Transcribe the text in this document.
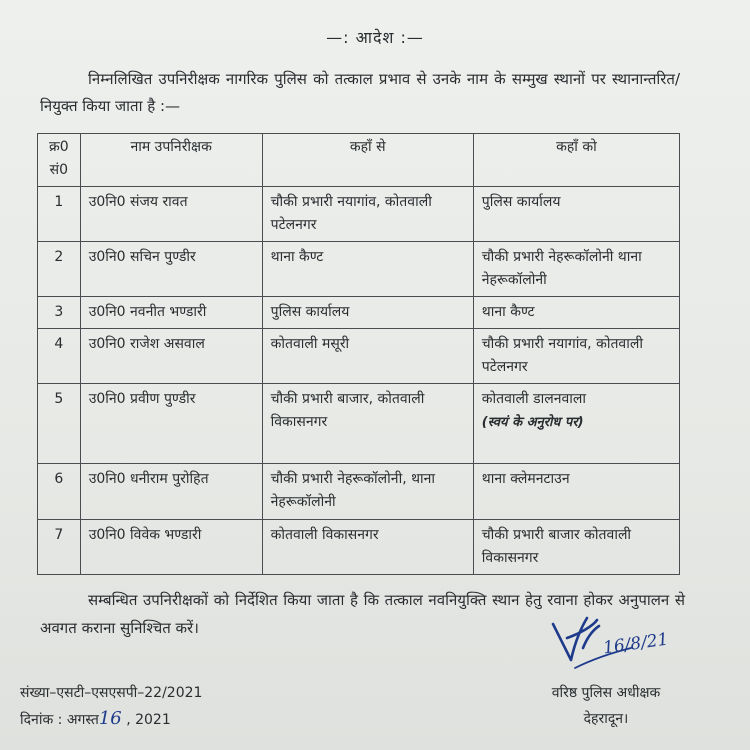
—: आदेश :—
निम्नलिखित उपनिरीक्षक नागरिक पुलिस को तत्काल प्रभाव से उनके नाम के सम्मुख स्थानों पर स्थानान्तरित/नियुक्त किया जाता है :—
क्र0 सं0	नाम उपनिरीक्षक	कहाँ से	कहाँ को
1	उ0नि0 संजय रावत	चौकी प्रभारी नयागांव, कोतवाली पटेलनगर	पुलिस कार्यालय
2	उ0नि0 सचिन पुण्डीर	थाना कैण्ट	चौकी प्रभारी नेहरूकॉलोनी थाना नेहरूकॉलोनी
3	उ0नि0 नवनीत भण्डारी	पुलिस कार्यालय	थाना कैण्ट
4	उ0नि0 राजेश असवाल	कोतवाली मसूरी	चौकी प्रभारी नयागांव, कोतवाली पटेलनगर
5	उ0नि0 प्रवीण पुण्डीर	चौकी प्रभारी बाजार, कोतवाली विकासनगर	कोतवाली डालनवाला
(स्वयं के अनुरोध पर)

6	उ0नि0 धनीराम पुरोहित	चौकी प्रभारी नेहरूकॉलोनी, थाना नेहरूकॉलोनी	थाना क्लेमनटाउन
7	उ0नि0 विवेक भण्डारी	कोतवाली विकासनगर	चौकी प्रभारी बाजार कोतवाली विकासनगर
सम्बन्धित उपनिरीक्षकों को निर्देशित किया जाता है कि तत्काल नवनियुक्ति स्थान हेतु रवाना होकर अनुपालन से अवगत कराना सुनिश्चित करें।
संख्या–एसटी–एसएसपी–22/2021
दिनांक : अगस्त16 , 2021
16/8/21
वरिष्ठ पुलिस अधीक्षक
देहरादून।
